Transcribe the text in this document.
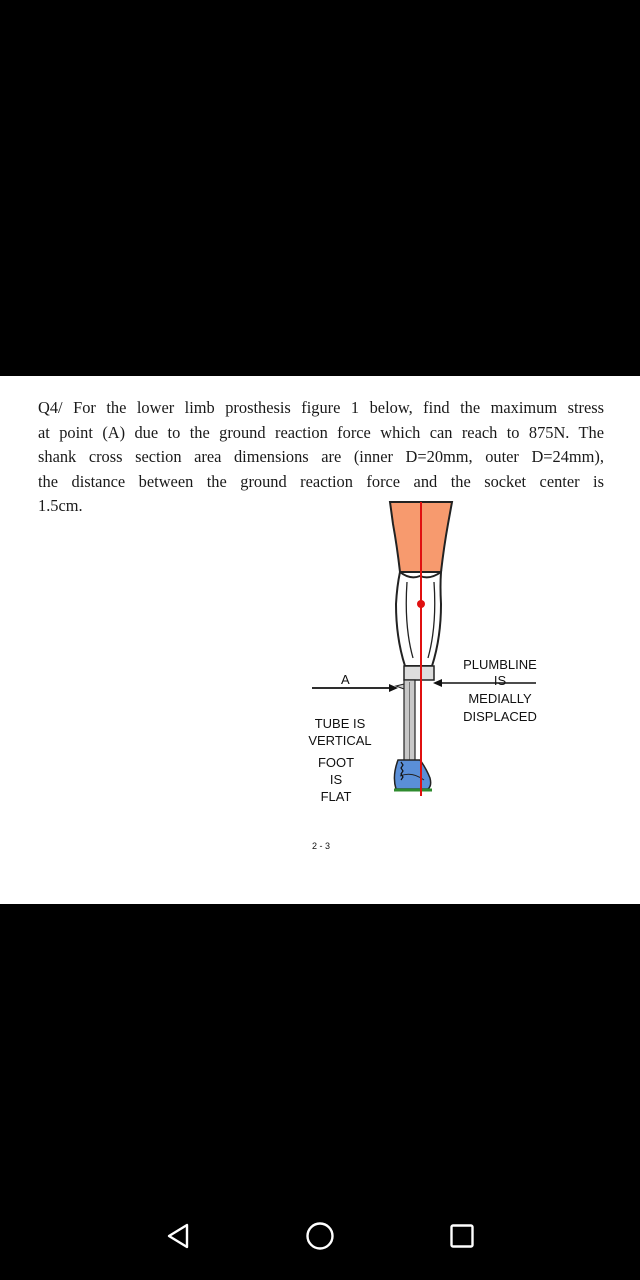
Q4/ For the lower limb prosthesis figure 1 below, find the maximum stress
at point (A) due to the ground reaction force which can reach to 875N. The
shank cross section area dimensions are (inner D=20mm, outer D=24mm),
the distance between the ground reaction force and the socket center is
1.5cm.

A
PLUMBLINE
IS
MEDIALLY
DISPLACED
TUBE IS
VERTICAL
FOOT
IS
FLAT
2 - 3
